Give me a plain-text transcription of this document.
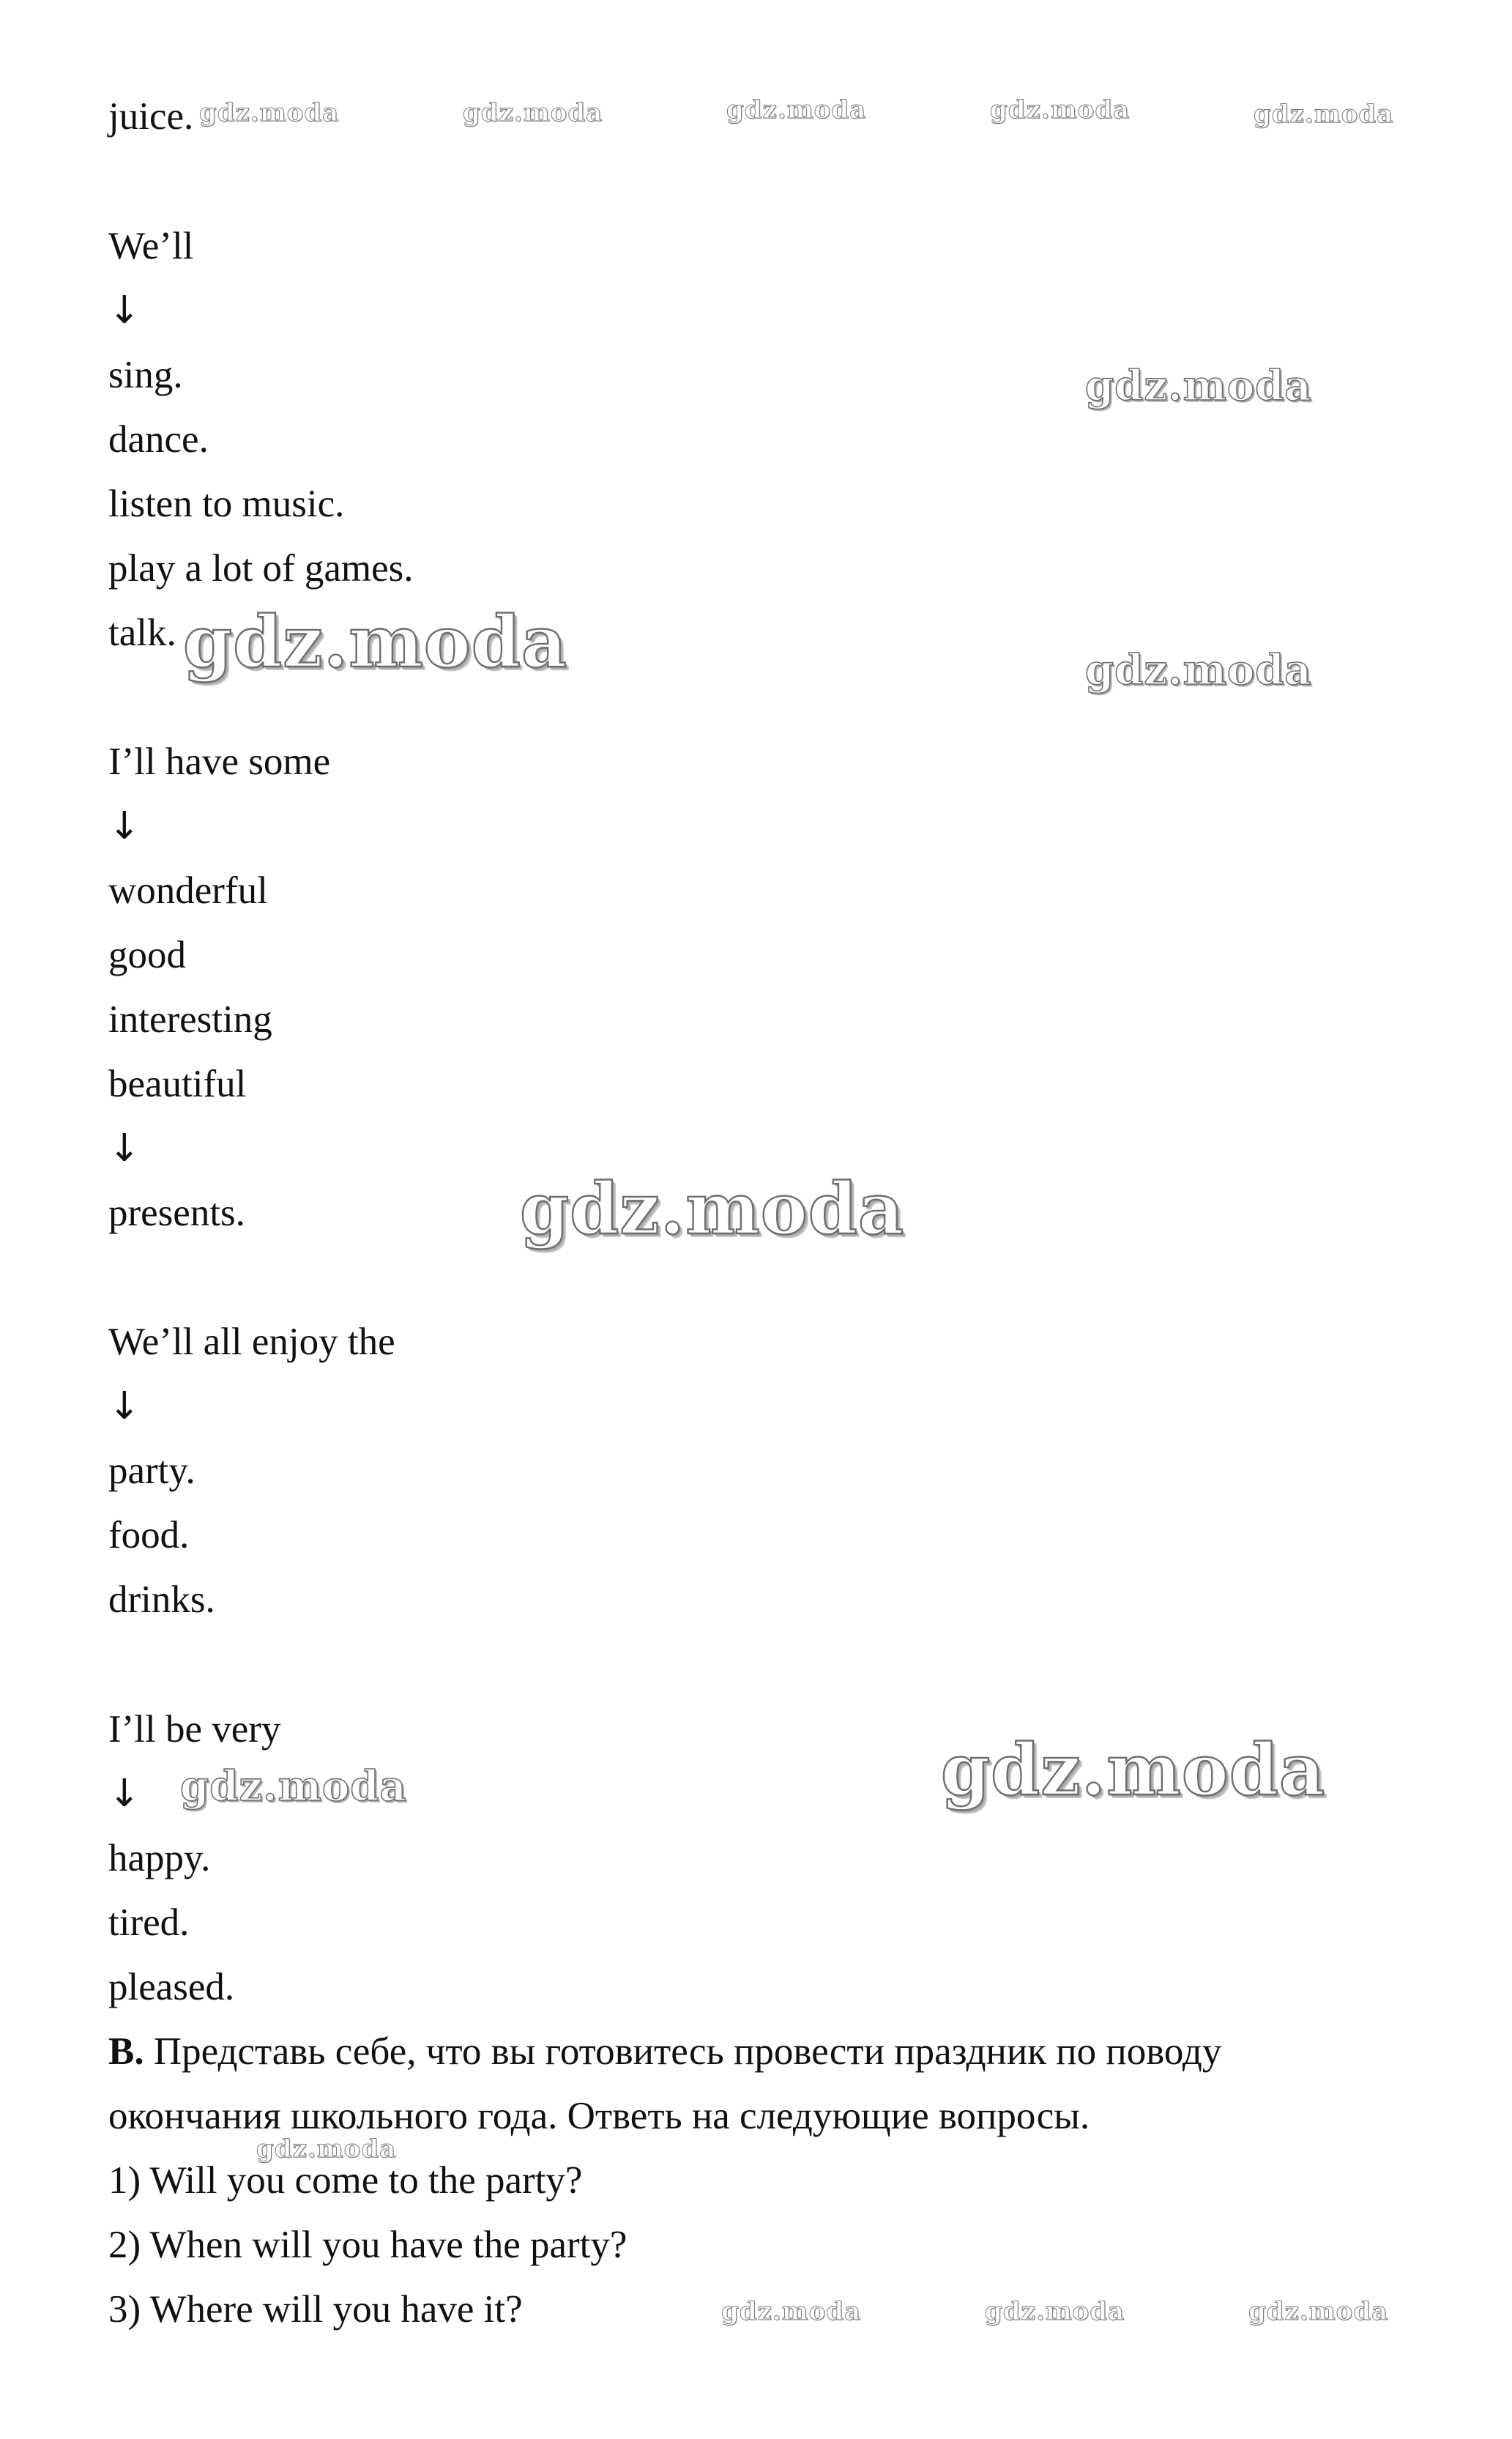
juice.
We’ll
↓
sing.
dance.
listen to music.
play a lot of games.
talk.
I’ll have some
↓
wonderful
good
interesting
beautiful
↓
presents.
We’ll all enjoy the
↓
party.
food.
drinks.
I’ll be very
↓
happy.
tired.
pleased.
B. Представь себе, что вы готовитесь провести праздник по поводу
окончания школьного года. Ответь на следующие вопросы.
1) Will you come to the party?
2) When will you have the party?
3) Where will you have it?
gdz.moda	gdz.moda	gdz.moda	gdz.moda	gdz.moda
gdz.moda
gdz.moda	gdz.moda
gdz.moda
gdz.moda	gdz.moda
gdz.moda
gdz.moda	gdz.moda	gdz.moda
